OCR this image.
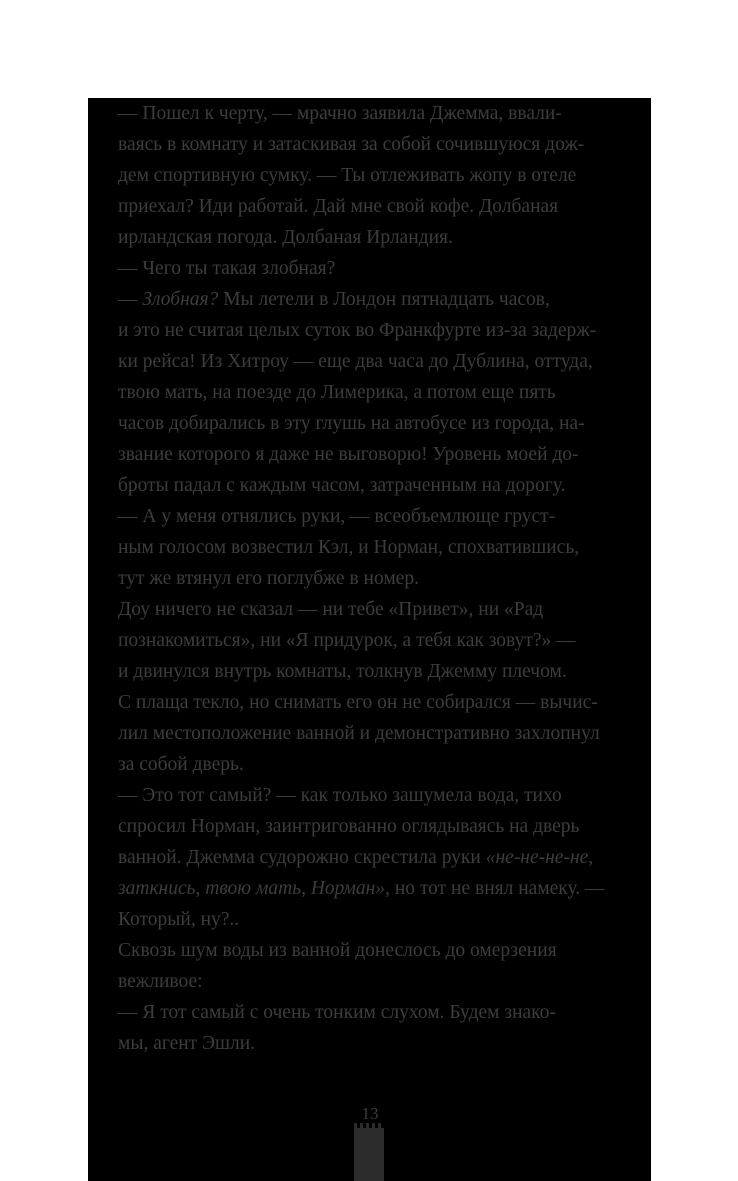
— Пошел к черту, — мрачно заявила Джемма, ввали-
ваясь в комнату и затаскивая за собой сочившуюся дож-
дем спортивную сумку. — Ты отлеживать жопу в отеле
приехал? Иди работай. Дай мне свой кофе. Долбаная
ирландская погода. Долбаная Ирландия.
— Чего ты такая злобная?
— Злобная? Мы летели в Лондон пятнадцать часов,
и это не считая целых суток во Франкфурте из-за задерж-
ки рейса! Из Хитроу — еще два часа до Дублина, оттуда,
твою мать, на поезде до Лимерика, а потом еще пять
часов добирались в эту глушь на автобусе из города, на-
звание которого я даже не выговорю! Уровень моей до-
броты падал с каждым часом, затраченным на дорогу.
— А у меня отнялись руки, — всеобъемлюще груст-
ным голосом возвестил Кэл, и Норман, спохватившись,
тут же втянул его поглубже в номер.
Доу ничего не сказал — ни тебе «Привет», ни «Рад
познакомиться», ни «Я придурок, а тебя как зовут?» —
и двинулся внутрь комнаты, толкнув Джемму плечом.
С плаща текло, но снимать его он не собирался — вычис-
лил местоположение ванной и демонстративно захлопнул
за собой дверь.
— Это тот самый? — как только зашумела вода, тихо
спросил Норман, заинтригованно оглядываясь на дверь
ванной. Джемма судорожно скрестила руки «не-не-не-не,
заткнись, твою мать, Норман», но тот не внял намеку. —
Который, ну?..
Сквозь шум воды из ванной донеслось до омерзения
вежливое:
— Я тот самый с очень тонким слухом. Будем знако-
мы, агент Эшли.
13
